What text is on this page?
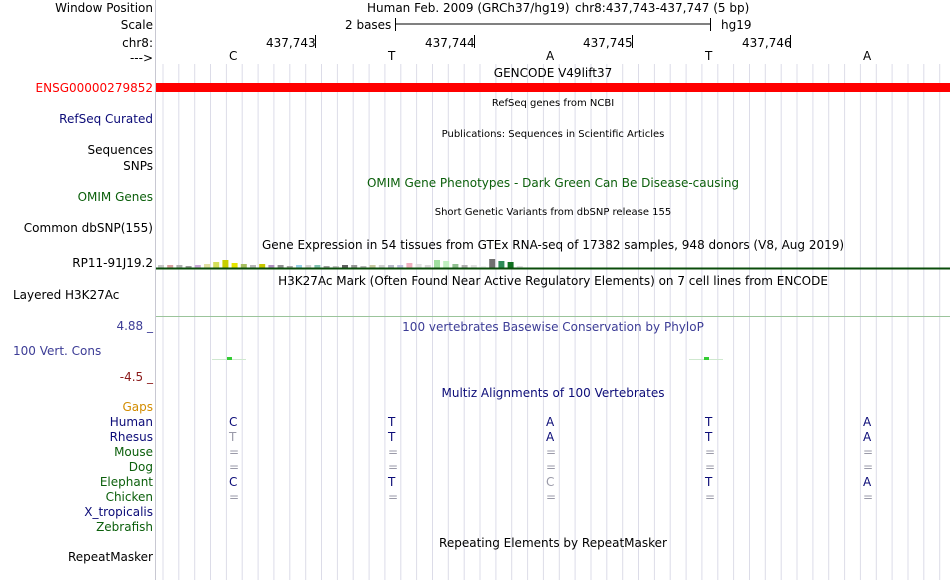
Window Position	Human Feb. 2009 (GRCh37/hg19) chr8:437,743-437,747 (5 bp)
Scale	2 bases	hg19
chr8:	437,743	437,744	437,745	437,746
--->	C	T	A	T	A
GENCODE V49lift37
ENSG00000279852
RefSeq genes from NCBI
RefSeq Curated
Publications: Sequences in Scientific Articles
Sequences
SNPs
OMIM Gene Phenotypes - Dark Green Can Be Disease-causing
OMIM Genes
Short Genetic Variants from dbSNP release 155
Common dbSNP(155)
Gene Expression in 54 tissues from GTEx RNA-seq of 17382 samples, 948 donors (V8, Aug 2019)
RP11-91J19.2
H3K27Ac Mark (Often Found Near Active Regulatory Elements) on 7 cell lines from ENCODE
Layered H3K27Ac
4.88 _	100 vertebrates Basewise Conservation by PhyloP
100 Vert. Cons
-4.5 _
Multiz Alignments of 100 Vertebrates
Gaps
Human	C	T	A	T	A
Rhesus	T	T	A	T	A
Mouse	=	=	=	=	=
Dog	=	=	=	=	=
Elephant	C	T	C	T	A
Chicken	=	=	=	=	=
X_tropicalis
Zebrafish
Repeating Elements by RepeatMasker
RepeatMasker
